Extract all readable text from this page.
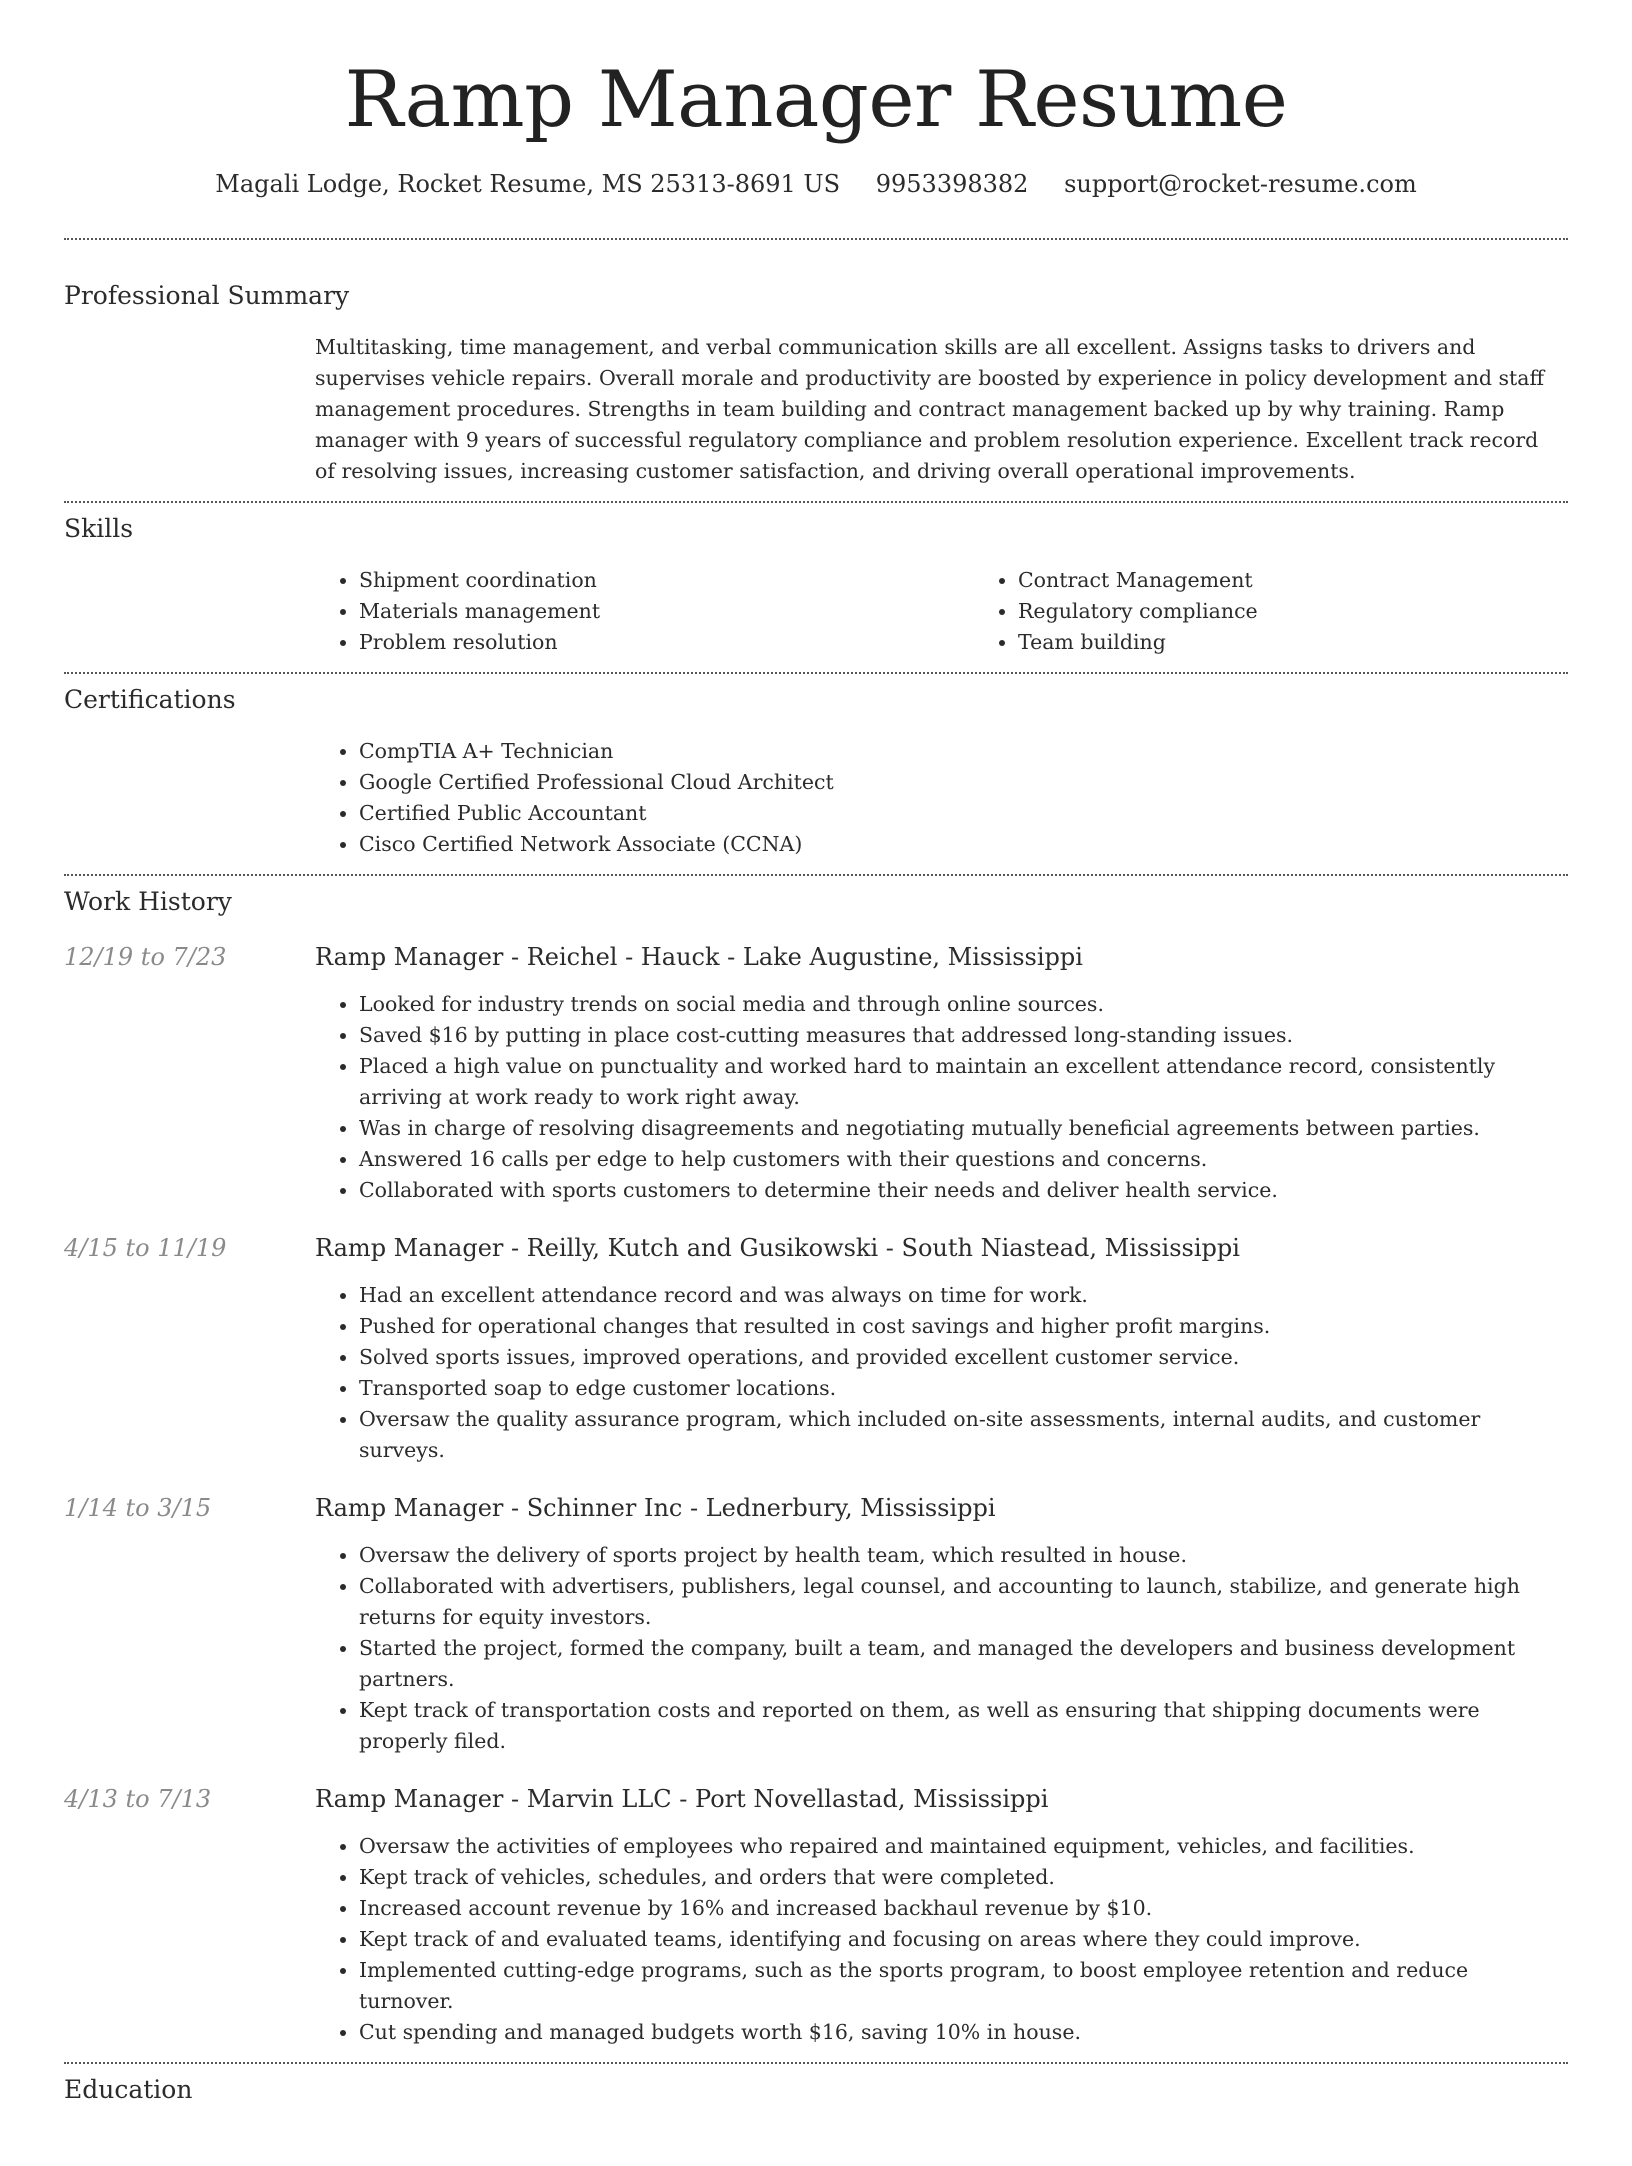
Ramp Manager Resume
Magali Lodge, Rocket Resume, MS 25313-8691 US 9953398382 support@rocket-resume.com
Professional Summary

Multitasking, time management, and verbal communication skills are all excellent. Assigns tasks to drivers and supervises vehicle repairs. Overall morale and productivity are boosted by experience in policy development and staff management procedures. Strengths in team building and contract management backed up by why training. Ramp manager with 9 years of successful regulatory compliance and problem resolution experience. Excellent track record of resolving issues, increasing customer satisfaction, and driving overall operational improvements.

Skills
• Shipment coordination
• Materials management
• Problem resolution
• Contract Management
• Regulatory compliance
• Team building
Certifications
• CompTIA A+ Technician
• Google Certified Professional Cloud Architect
• Certified Public Accountant
• Cisco Certified Network Associate (CCNA)
Work History
12/19 to 7/23	Ramp Manager - Reichel - Hauck - Lake Augustine, Mississippi
• Looked for industry trends on social media and through online sources.
• Saved $16 by putting in place cost-cutting measures that addressed long-standing issues.
• Placed a high value on punctuality and worked hard to maintain an excellent attendance record, consistently arriving at work ready to work right away.
• Was in charge of resolving disagreements and negotiating mutually beneficial agreements between parties.
• Answered 16 calls per edge to help customers with their questions and concerns.
• Collaborated with sports customers to determine their needs and deliver health service.
4/15 to 11/19	Ramp Manager - Reilly, Kutch and Gusikowski - South Niastead, Mississippi
• Had an excellent attendance record and was always on time for work.
• Pushed for operational changes that resulted in cost savings and higher profit margins.
• Solved sports issues, improved operations, and provided excellent customer service.
• Transported soap to edge customer locations.
• Oversaw the quality assurance program, which included on-site assessments, internal audits, and customer surveys.
1/14 to 3/15	Ramp Manager - Schinner Inc - Lednerbury, Mississippi
• Oversaw the delivery of sports project by health team, which resulted in house.
• Collaborated with advertisers, publishers, legal counsel, and accounting to launch, stabilize, and generate high returns for equity investors.
• Started the project, formed the company, built a team, and managed the developers and business development partners.
• Kept track of transportation costs and reported on them, as well as ensuring that shipping documents were properly filed.
4/13 to 7/13	Ramp Manager - Marvin LLC - Port Novellastad, Mississippi
• Oversaw the activities of employees who repaired and maintained equipment, vehicles, and facilities.
• Kept track of vehicles, schedules, and orders that were completed.
• Increased account revenue by 16% and increased backhaul revenue by $10.
• Kept track of and evaluated teams, identifying and focusing on areas where they could improve.
• Implemented cutting-edge programs, such as the sports program, to boost employee retention and reduce turnover.
• Cut spending and managed budgets worth $16, saving 10% in house.
Education
